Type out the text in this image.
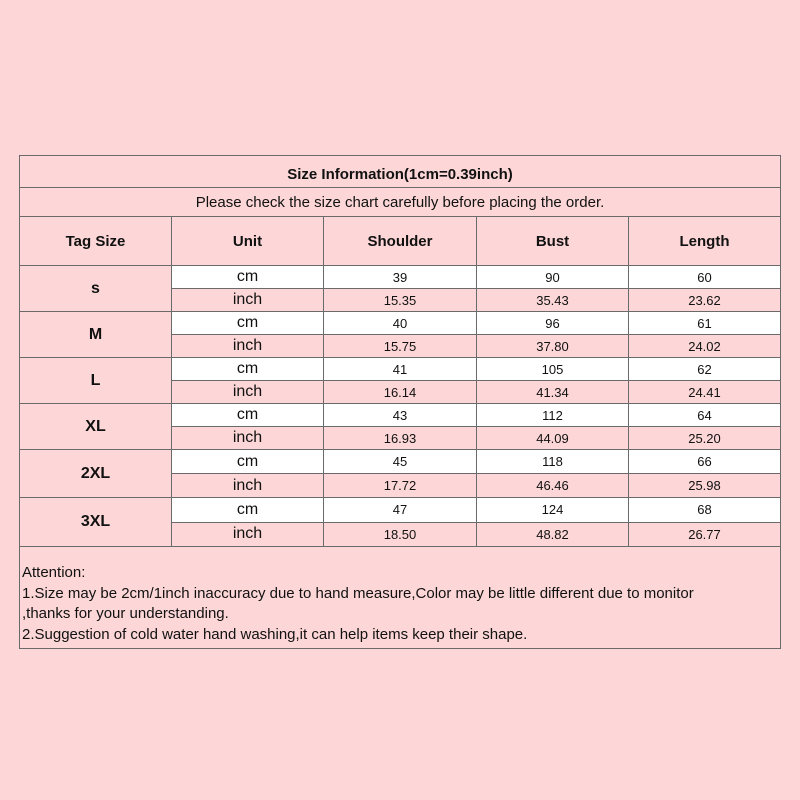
Size Information(1cm=0.39inch)
Please check the size chart carefully before placing the order.
Tag Size	Unit	Shoulder	Bust	Length
s
cm	39	90	60
inch	15.35	35.43	23.62
M
cm	40	96	61
inch	15.75	37.80	24.02
L
cm	41	105	62
inch	16.14	41.34	24.41
XL
cm	43	112	64
inch	16.93	44.09	25.20
2XL
cm	45	118	66
inch	17.72	46.46	25.98
3XL
cm	47	124	68
inch	18.50	48.82	26.77
Attention:
1.Size may be 2cm/1inch inaccuracy due to hand measure,Color may be little different due to monitor
,thanks for your understanding.
2.Suggestion of cold water hand washing,it can help items keep their shape.
